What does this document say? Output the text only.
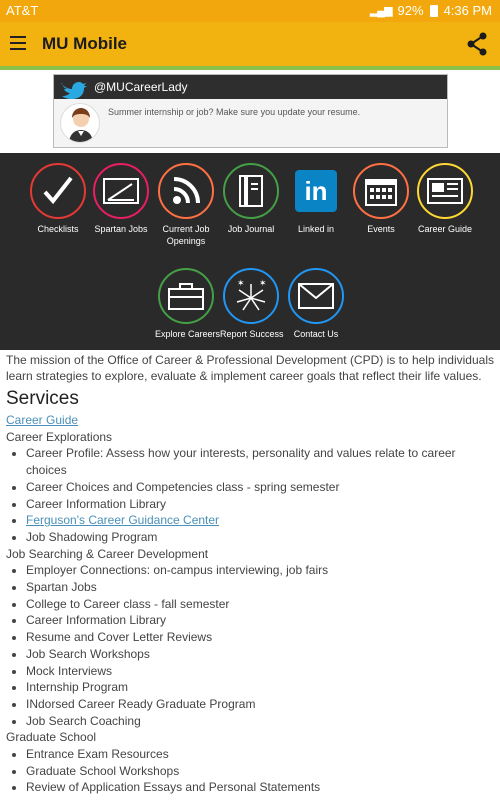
AT&T	▂▄▆ 92% 4:36 PM
MU Mobile
@MUCareerLady
Summer internship or job? Make sure you update your resume.
Checklists	Spartan Jobs	Current Job Openings
Job Journal
in
Linked in	Events	Career Guide
Explore Careers
✶ ✶
Report Success	Contact Us

The mission of the Office of Career & Professional Development (CPD) is to help individuals learn strategies to explore, evaluate & implement career goals that reflect their life values.

Services
Career Guide
Career Explorations
• Career Profile: Assess how your interests, personality and values relate to career choices
• Career Choices and Competencies class - spring semester
• Career Information Library
• Ferguson's Career Guidance Center
• Job Shadowing Program
Job Searching & Career Development
• Employer Connections: on-campus interviewing, job fairs
• Spartan Jobs
• College to Career class - fall semester
• Career Information Library
• Resume and Cover Letter Reviews
• Job Search Workshops
• Mock Interviews
• Internship Program
• INdorsed Career Ready Graduate Program
• Job Search Coaching
Graduate School
• Entrance Exam Resources
• Graduate School Workshops
• Review of Application Essays and Personal Statements
